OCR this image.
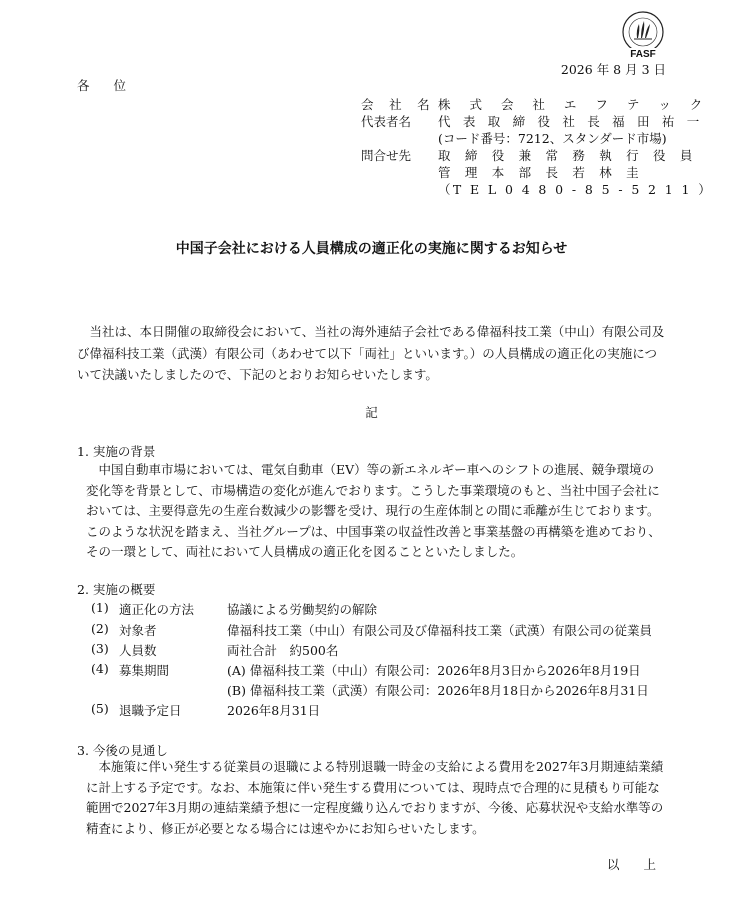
FASF
2026 年 8 月 3 日
各 位
会 社 名 株 式 会 社 エ フ テ ッ ク
代表者名 代 表 取 締 役 社 長 福 田 祐 一
(コード番号：7212、スタンダード市場)
問合せ先 取 締 役 兼 常 務 執 行 役 員
管 理 本 部 長 若 林 圭
（T E L 0 4 8 0 - 8 5 - 5 2 1 1 ）
中国子会社における人員構成の適正化の実施に関するお知らせ
当社は、本日開催の取締役会において、当社の海外連結子会社である偉福科技工業（中山）有限公司及び偉福科技工業（武漢）有限公司（あわせて以下「両社」といいます。）の人員構成の適正化の実施について決議いたしましたので、下記のとおりお知らせいたします。
記
1. 実施の背景
中国自動車市場においては、電気自動車（EV）等の新エネルギー車へのシフトの進展、競争環境の変化等を背景として、市場構造の変化が進んでおります。こうした事業環境のもと、当社中国子会社においては、主要得意先の生産台数減少の影響を受け、現行の生産体制との間に乖離が生じております。このような状況を踏まえ、当社グループは、中国事業の収益性改善と事業基盤の再構築を進めており、その一環として、両社において人員構成の適正化を図ることといたしました。
2. 実施の概要
(1) 適正化の方法	協議による労働契約の解除
(2) 対象者	偉福科技工業（中山）有限公司及び偉福科技工業（武漢）有限公司の従業員
(3) 人員数	両社合計　約500名
(4) 募集期間	(A) 偉福科技工業（中山）有限公司：2026年8月3日から2026年8月19日
(B) 偉福科技工業（武漢）有限公司：2026年8月18日から2026年8月31日
(5) 退職予定日	2026年8月31日
3. 今後の見通し
本施策に伴い発生する従業員の退職による特別退職一時金の支給による費用を2027年3月期連結業績に計上する予定です。なお、本施策に伴い発生する費用については、現時点で合理的に見積もり可能な範囲で2027年3月期の連結業績予想に一定程度織り込んでおりますが、今後、応募状況や支給水準等の精査により、修正が必要となる場合には速やかにお知らせいたします。
以 上
